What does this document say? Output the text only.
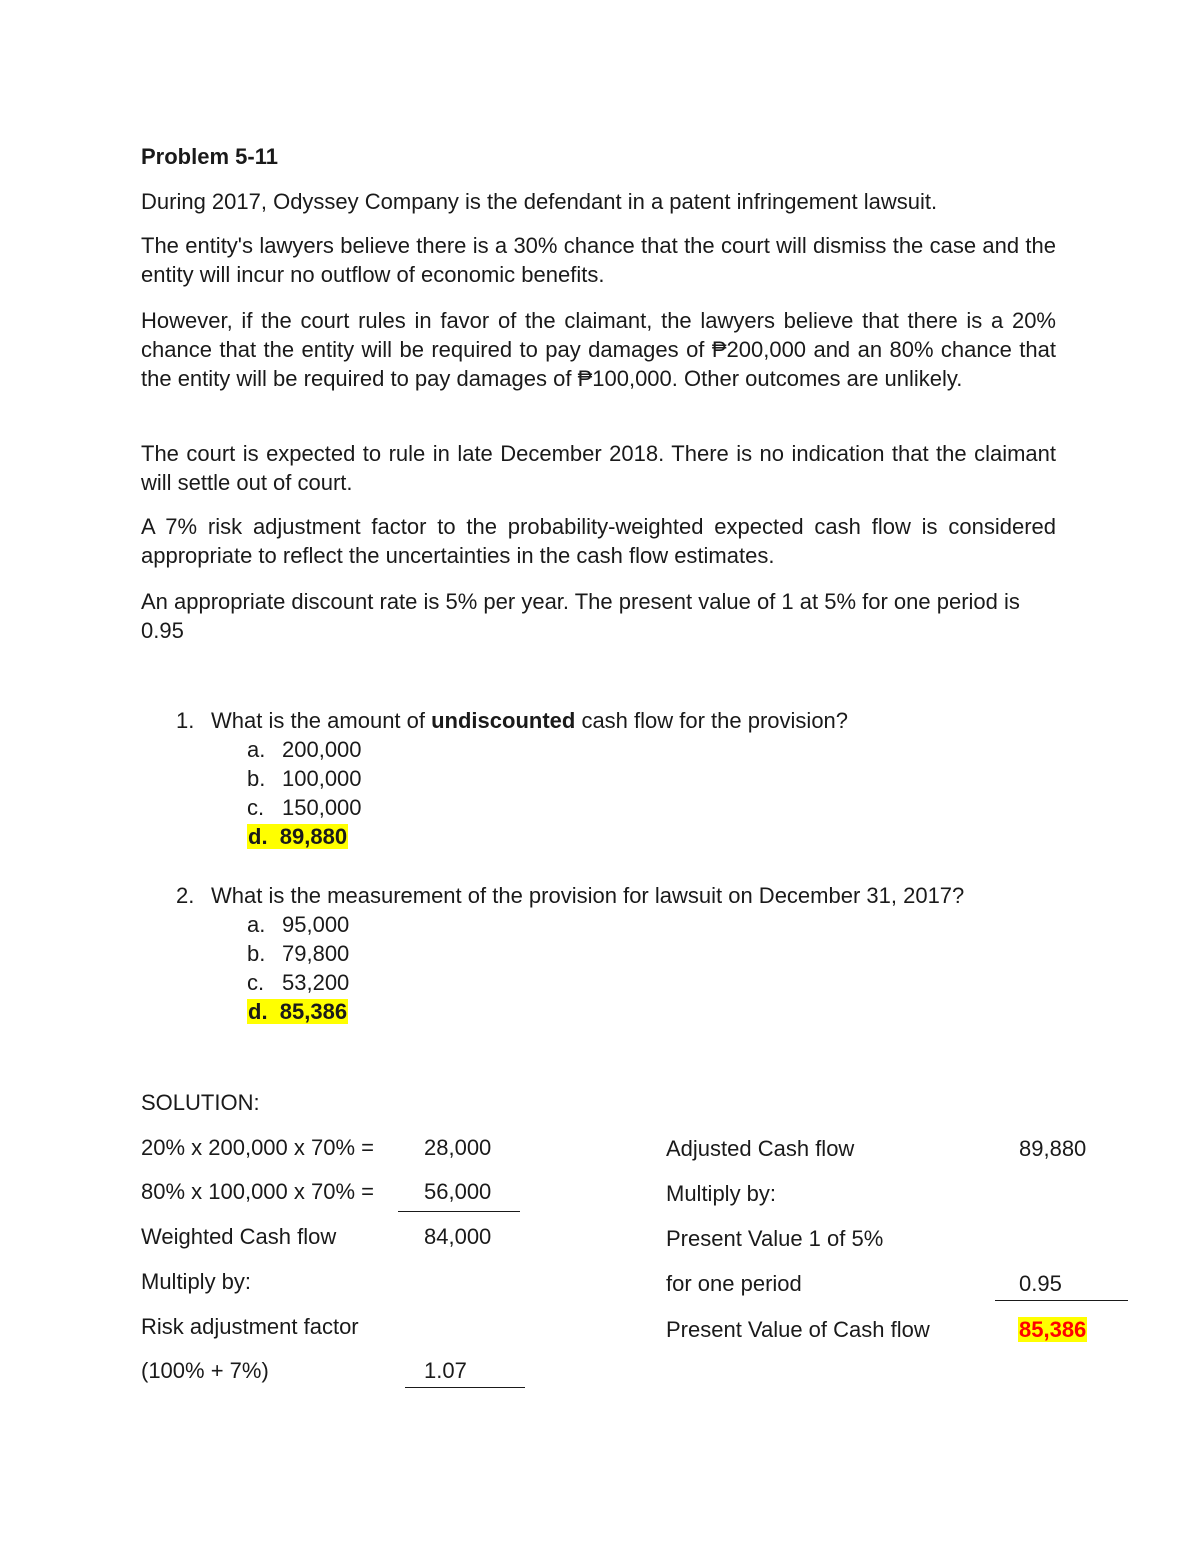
Problem 5-11
During 2017, Odyssey Company is the defendant in a patent infringement lawsuit.
The entity's lawyers believe there is a 30% chance that the court will dismiss the case and the entity will incur no outflow of economic benefits.
However, if the court rules in favor of the claimant, the lawyers believe that there is a 20% chance that the entity will be required to pay damages of ₱200,000 and an 80% chance that the entity will be required to pay damages of ₱100,000. Other outcomes are unlikely.
The court is expected to rule in late December 2018. There is no indication that the claimant will settle out of court.
A 7% risk adjustment factor to the probability-weighted expected cash flow is considered appropriate to reflect the uncertainties in the cash flow estimates.
An appropriate discount rate is 5% per year. The present value of 1 at 5% for one period is 0.95
1. What is the amount of undiscounted cash flow for the provision?
a. 200,000
b. 100,000
c. 150,000
d. 89,880
2. What is the measurement of the provision for lawsuit on December 31, 2017?
a. 95,000
b. 79,800
c. 53,200
d. 85,386
SOLUTION:
20% x 200,000 x 70% = 28,000
80% x 100,000 x 70% = 56,000
Weighted Cash flow	84,000
Multiply by:
Risk adjustment factor
(100% + 7%)	1.07
Adjusted Cash flow	89,880
Multiply by:
Present Value 1 of 5%
for one period	0.95
Present Value of Cash flow	85,386
